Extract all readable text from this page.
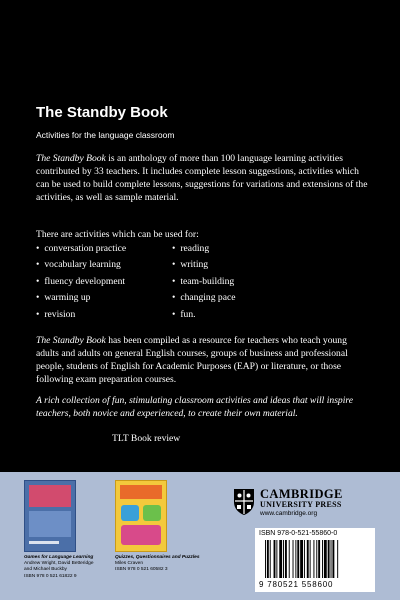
The Standby Book
Activities for the language classroom

The Standby Book is an anthology of more than 100 language learning activities contributed by 33 teachers. It includes complete lesson suggestions, activities which can be used to build complete lessons, suggestions for variations and extensions of the activities, as well as sample material.

There are activities which can be used for:

• conversation practice
• vocabulary learning
• fluency development
• warming up
• revision
• reading
• writing
• team-building
• changing pace
• fun.

The Standby Book has been compiled as a resource for teachers who teach young adults and adults on general English courses, groups of business and professional people, students of English for Academic Purposes (EAP) or literature, or those following exam preparation courses.

A rich collection of fun, stimulating classroom activities and ideas that will inspire teachers, both novice and experienced, to create their own material.

TLT Book review
Games for Language Learning
Andrew Wright, David Betteridge
and Michael Buckby
ISBN 978 0 521 61822 9
Quizzes, Questionnaires and Puzzles
Miles Craven
ISBN 978 0 521 60582 3
CAMBRIDGE
UNIVERSITY PRESS
www.cambridge.org
ISBN 978-0-521-55860-0
9 780521 558600
